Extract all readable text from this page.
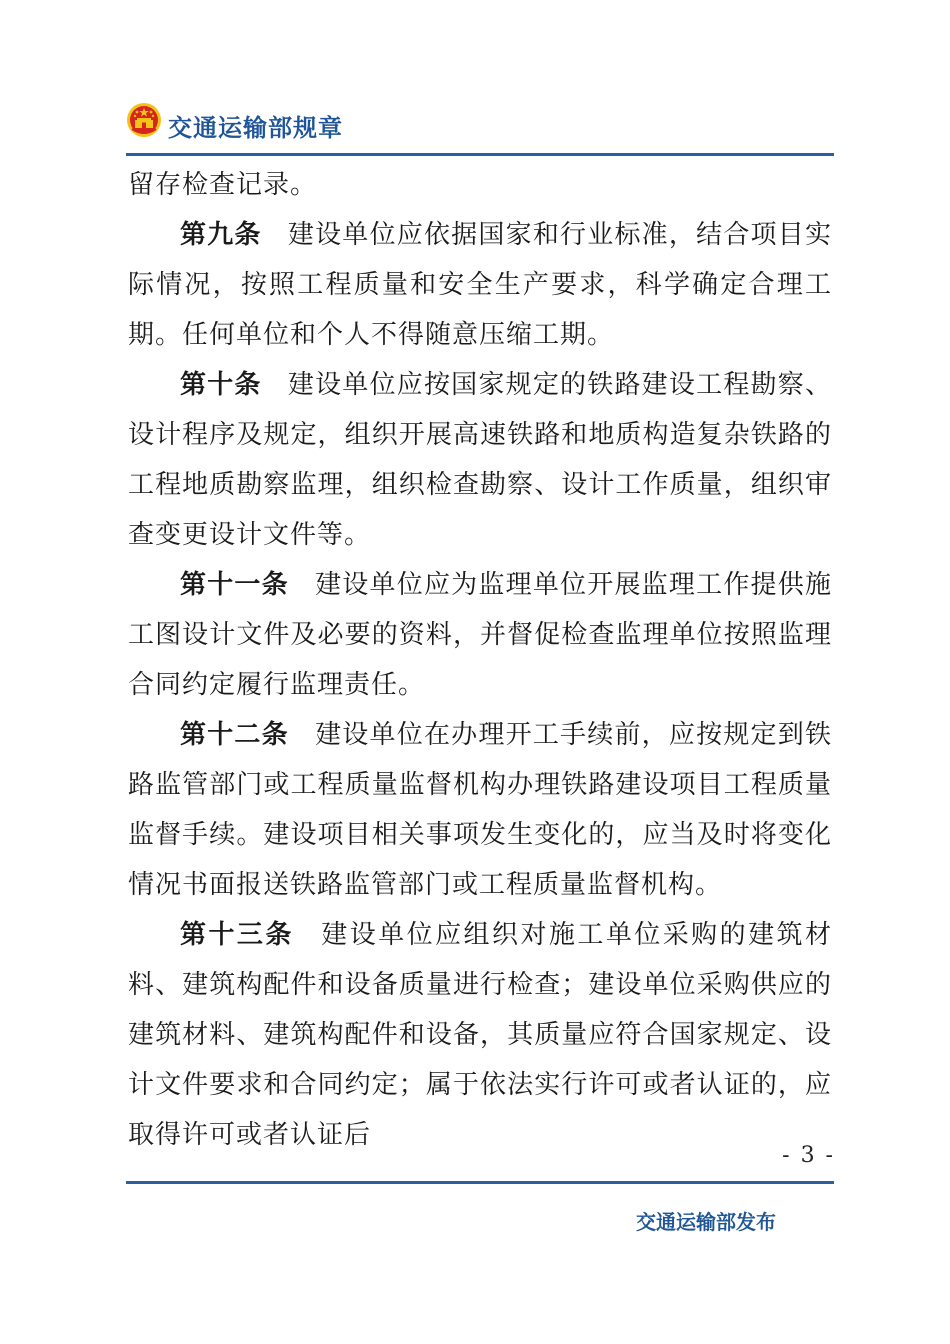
交通运输部规章

留存检查记录。

第九条 建设单位应依据国家和行业标准，结合项目实际情况，按照工程质量和安全生产要求，科学确定合理工期。任何单位和个人不得随意压缩工期。

第十条 建设单位应按国家规定的铁路建设工程勘察、设计程序及规定，组织开展高速铁路和地质构造复杂铁路的工程地质勘察监理，组织检查勘察、设计工作质量，组织审查变更设计文件等。

第十一条 建设单位应为监理单位开展监理工作提供施工图设计文件及必要的资料，并督促检查监理单位按照监理合同约定履行监理责任。

第十二条 建设单位在办理开工手续前，应按规定到铁路监管部门或工程质量监督机构办理铁路建设项目工程质量监督手续。建设项目相关事项发生变化的，应当及时将变化情况书面报送铁路监管部门或工程质量监督机构。

第十三条 建设单位应组织对施工单位采购的建筑材料、建筑构配件和设备质量进行检查；建设单位采购供应的建筑材料、建筑构配件和设备，其质量应符合国家规定、设计文件要求和合同约定；属于依法实行许可或者认证的，应取得许可或者认证后

- 3 -
交通运输部发布
